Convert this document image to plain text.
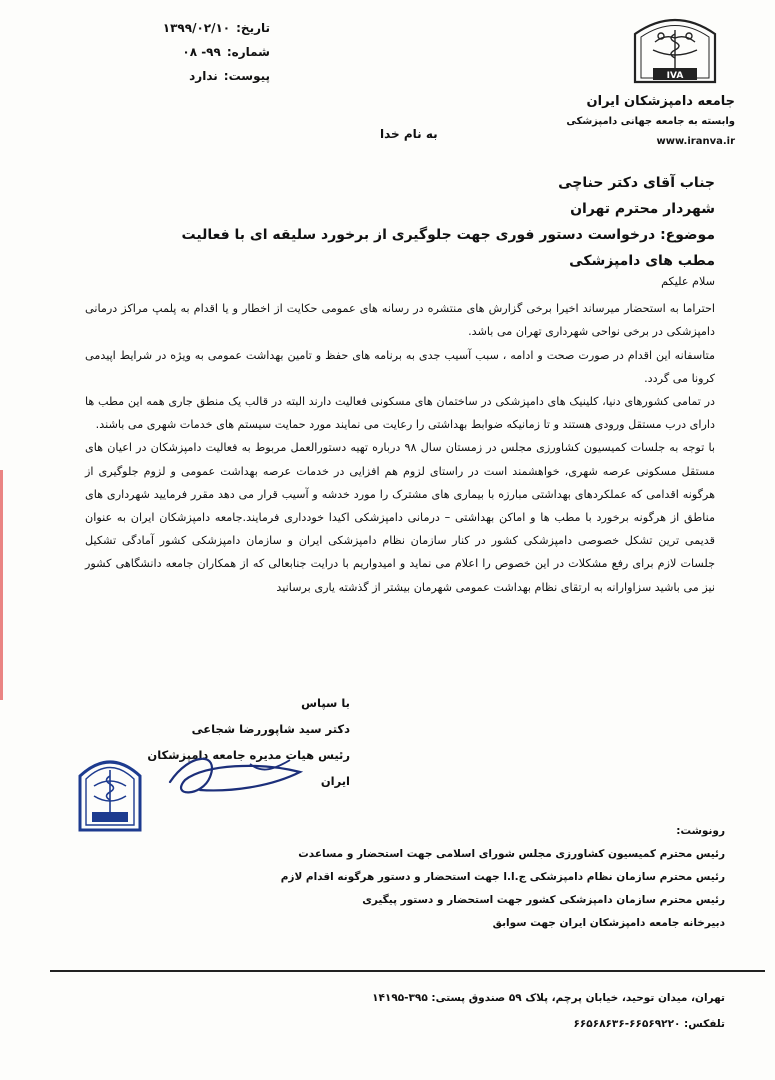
تاریخ:
۱۳۹۹/۰۲/۱۰
شماره:
۰۸ -۹۹
پیوست:
ندارد	IVA
جامعه دامپزشکان ایران
وابسته به جامعه جهانی دامپزشکی
www.iranva.ir
به نام خدا
جناب آقای دکتر حناچی
شهردار محترم تهران
موضوع: درخواست دستور فوری جهت جلوگیری از برخورد سلیقه ای با فعالیت مطب های دامپزشکی

سلام علیکم

احتراما به استحضار میرساند اخیرا برخی گزارش های منتشره در رسانه های عمومی حکایت از اخطار و یا اقدام به پلمپ مراکز درمانی دامپزشکی در برخی نواحی شهرداری تهران می باشد.

متاسفانه این اقدام در صورت صحت و ادامه ، سبب آسیب جدی به برنامه های حفظ و تامین بهداشت عمومی به ویژه در شرایط اپیدمی کرونا می گردد.

در تمامی کشورهای دنیا، کلینیک های دامپزشکی در ساختمان های مسکونی فعالیت دارند البته در قالب یک منطق جاری همه این مطب ها دارای درب مستقل ورودی هستند و تا زمانیکه ضوابط بهداشتی را رعایت می نمایند مورد حمایت سیستم های خدمات شهری می باشند.

با توجه به جلسات کمیسیون کشاورزی مجلس در زمستان سال ۹۸ درباره تهیه دستورالعمل مربوط به فعالیت دامپزشکان در اعیان های مستقل مسکونی عرصه شهری، خواهشمند است در راستای لزوم هم افزایی در خدمات عرصه بهداشت عمومی و لزوم جلوگیری از هرگونه اقدامی که عملکردهای بهداشتی مبارزه با بیماری های مشترک را مورد خدشه و آسیب قرار می دهد مقرر فرمایید شهرداری های مناطق از هرگونه برخورد با مطب ها و اماکن بهداشتی – درمانی دامپزشکی اکیدا خودداری فرمایند.جامعه دامپزشکان ایران به عنوان قدیمی ترین تشکل خصوصی دامپزشکی کشور در کنار سازمان نظام دامپزشکی ایران و سازمان دامپزشکی کشور آمادگی تشکیل جلسات لازم برای رفع مشکلات در این خصوص را اعلام می نماید و امیدواریم با درایت جنابعالی که از همکاران جامعه دانشگاهی کشور نیز می باشید سزاوارانه به ارتقای نظام بهداشت عمومی شهرمان بیشتر از گذشته یاری برسانید

با سپاس
دکتر سید شاپوررضا شجاعی
رئیس هیات مدیره جامعه دامپزشکان ایران
رونوشت:
رئیس محترم کمیسیون کشاورزی مجلس شورای اسلامی جهت استحضار و مساعدت
رئیس محترم سازمان نظام دامپزشکی ج.ا.ا جهت استحضار و دستور هرگونه اقدام لازم
رئیس محترم سازمان دامپزشکی کشور جهت استحضار و دستور پیگیری
دبیرخانه جامعه دامپزشکان ایران جهت سوابق
تهران، میدان توحید، خیابان پرچم، پلاک ۵۹ صندوق پستی: ۳۹۵-۱۴۱۹۵
تلفکس: ۶۶۵۶۹۲۲۰-۶۶۵۶۸۶۳۶
